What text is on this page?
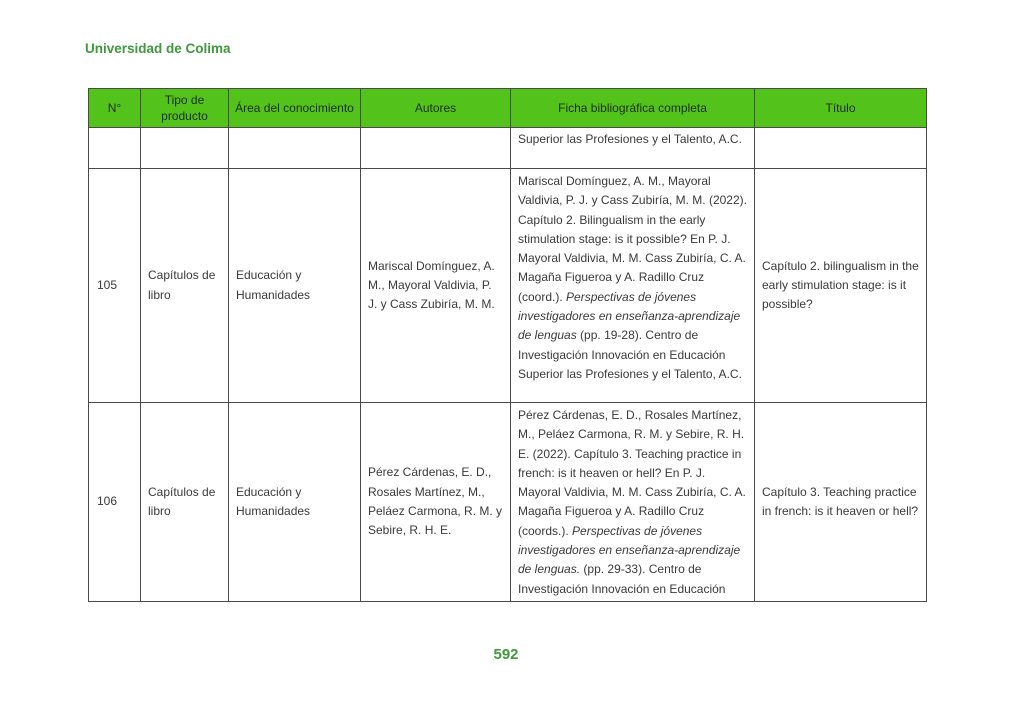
Universidad de Colima
N°	Tipo de producto	Área del conocimiento	Autores	Ficha bibliográfica completa	Título
				Superior las Profesiones y el Talento, A.C.	
105	Capítulos de libro	Educación y Humanidades	Mariscal Domínguez, A. M., Mayoral Valdivia, P. J. y Cass Zubiría, M. M.	Mariscal Domínguez, A. M., Mayoral Valdivia, P. J. y Cass Zubiría, M. M. (2022). Capítulo 2. Bilingualism in the early stimulation stage: is it possible? En P. J. Mayoral Valdivia, M. M. Cass Zubiría, C. A. Magaña Figueroa y A. Radillo Cruz (coord.). Perspectivas de jóvenes investigadores en enseñanza-aprendizaje de lenguas (pp. 19-28). Centro de Investigación Innovación en Educación Superior las Profesiones y el Talento, A.C.	Capítulo 2. bilingualism in the early stimulation stage: is it possible?
106	Capítulos de libro	Educación y Humanidades	Pérez Cárdenas, E. D., Rosales Martínez, M., Peláez Carmona, R. M. y Sebire, R. H. E.	Pérez Cárdenas, E. D., Rosales Martínez, M., Peláez Carmona, R. M. y Sebire, R. H. E. (2022). Capítulo 3. Teaching practice in french: is it heaven or hell? En P. J. Mayoral Valdivia, M. M. Cass Zubiría, C. A. Magaña Figueroa y A. Radillo Cruz (coords.). Perspectivas de jóvenes investigadores en enseñanza-aprendizaje de lenguas. (pp. 29-33). Centro de Investigación Innovación en Educación	Capítulo 3. Teaching practice in french: is it heaven or hell?
592
